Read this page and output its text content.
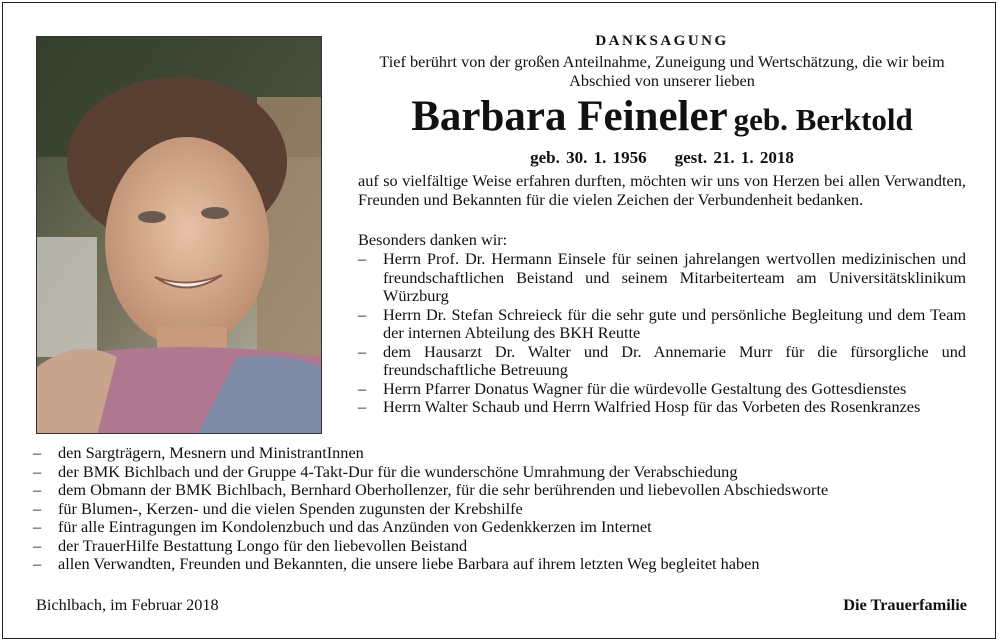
DANKSAGUNG
Tief berührt von der großen Anteilnahme, Zuneigung und Wertschätzung, die wir beim Abschied von unserer lieben
Barbara Feineler geb. Berktold
geb. 30. 1. 1956 gest. 21. 1. 2018
auf so vielfältige Weise erfahren durften, möchten wir uns von Herzen bei allen Verwandten, Freunden und Bekannten für die vielen Zeichen der Verbundenheit bedanken.
Besonders danken wir:
– Herrn Prof. Dr. Hermann Einsele für seinen jahrelangen wertvollen medizinischen und freundschaftlichen Beistand und seinem Mitarbeiterteam am Universitätsklinikum Würzburg
– Herrn Dr. Stefan Schreieck für die sehr gute und persönliche Begleitung und dem Team der internen Abteilung des BKH Reutte
– dem Hausarzt Dr. Walter und Dr. Annemarie Murr für die fürsorgliche und freundschaftliche Betreuung
– Herrn Pfarrer Donatus Wagner für die würdevolle Gestaltung des Gottesdienstes
– Herrn Walter Schaub und Herrn Walfried Hosp für das Vorbeten des Rosenkranzes
– den Sargträgern, Mesnern und MinistrantInnen
– der BMK Bichlbach und der Gruppe 4-Takt-Dur für die wunderschöne Umrahmung der Verabschiedung
– dem Obmann der BMK Bichlbach, Bernhard Oberhollenzer, für die sehr berührenden und liebevollen Abschiedsworte
– für Blumen-, Kerzen- und die vielen Spenden zugunsten der Krebshilfe
– für alle Eintragungen im Kondolenzbuch und das Anzünden von Gedenkkerzen im Internet
– der TrauerHilfe Bestattung Longo für den liebevollen Beistand
– allen Verwandten, Freunden und Bekannten, die unsere liebe Barbara auf ihrem letzten Weg begleitet haben
Bichlbach, im Februar 2018	Die Trauerfamilie
